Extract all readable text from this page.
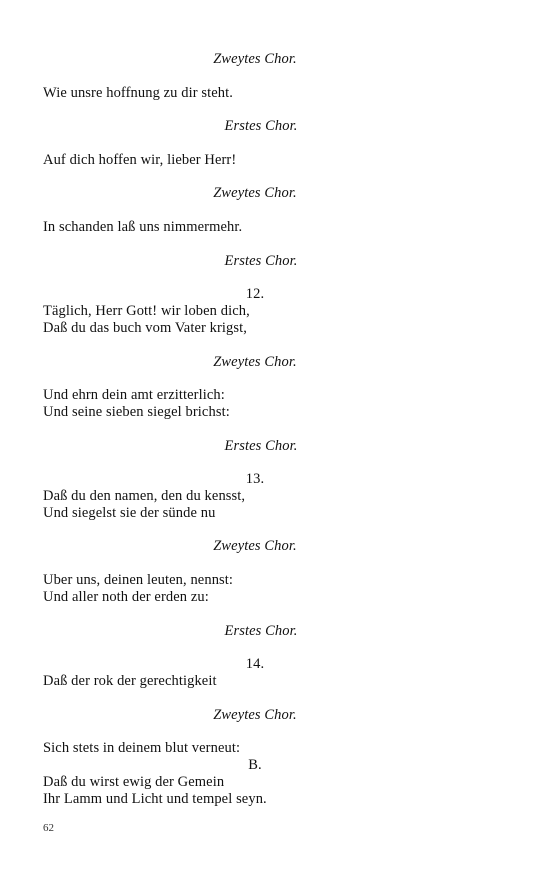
Zweytes Chor.
Wie unsre hoffnung zu dir steht.
Erstes Chor.
Auf dich hoffen wir, lieber Herr!
Zweytes Chor.
In schanden laß uns nimmermehr.
Erstes Chor.
12.
Täglich, Herr Gott! wir loben dich,
Daß du das buch vom Vater krigst,
Zweytes Chor.
Und ehrn dein amt erzitterlich:
Und seine sieben siegel brichst:
Erstes Chor.
13.
Daß du den namen, den du kensst,
Und siegelst sie der sünde nu
Zweytes Chor.
Uber uns, deinen leuten, nennst:
Und aller noth der erden zu:
Erstes Chor.
14.
Daß der rok der gerechtigkeit
Zweytes Chor.
Sich stets in deinem blut verneut:
B.
Daß du wirst ewig der Gemein
Ihr Lamm und Licht und tempel seyn.
62
